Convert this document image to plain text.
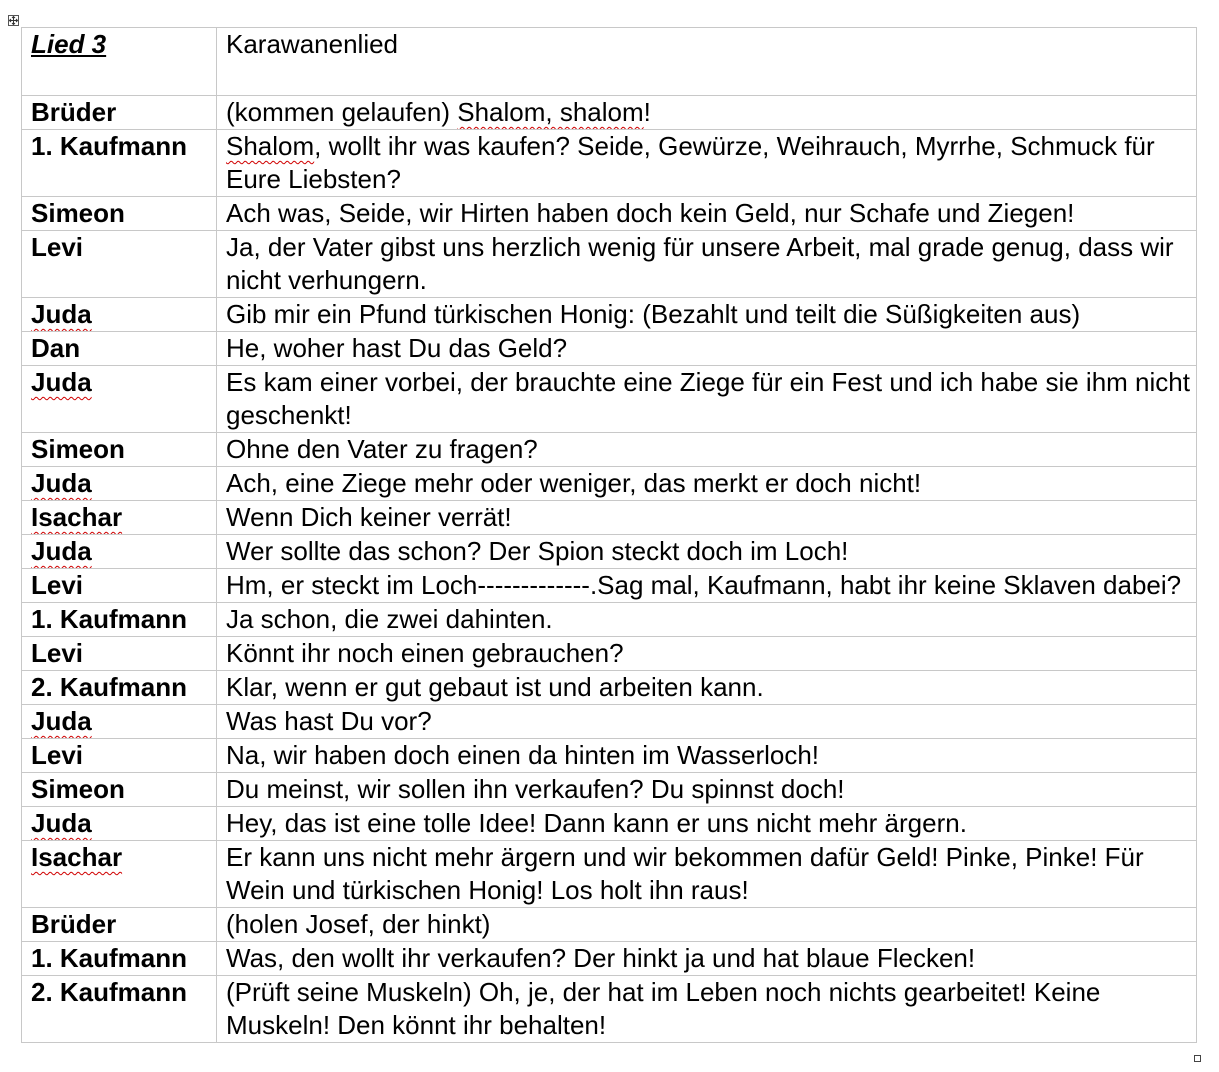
Lied 3	Karawanenlied
Brüder	(kommen gelaufen) Shalom, shalom!
1. Kaufmann	Shalom, wollt ihr was kaufen? Seide, Gewürze, Weihrauch, Myrrhe, Schmuck für Eure Liebsten?
Simeon	Ach was, Seide, wir Hirten haben doch kein Geld, nur Schafe und Ziegen!
Levi	Ja, der Vater gibst uns herzlich wenig für unsere Arbeit, mal grade genug, dass wir nicht verhungern.
Juda	Gib mir ein Pfund türkischen Honig: (Bezahlt und teilt die Süßigkeiten aus)
Dan	He, woher hast Du das Geld?
Juda	Es kam einer vorbei, der brauchte eine Ziege für ein Fest und ich habe sie ihm nicht geschenkt!
Simeon	Ohne den Vater zu fragen?
Juda	Ach, eine Ziege mehr oder weniger, das merkt er doch nicht!
Isachar	Wenn Dich keiner verrät!
Juda	Wer sollte das schon? Der Spion steckt doch im Loch!
Levi	Hm, er steckt im Loch-------------.Sag mal, Kaufmann, habt ihr keine Sklaven dabei?
1. Kaufmann	Ja schon, die zwei dahinten.
Levi	Könnt ihr noch einen gebrauchen?
2. Kaufmann	Klar, wenn er gut gebaut ist und arbeiten kann.
Juda	Was hast Du vor?
Levi	Na, wir haben doch einen da hinten im Wasserloch!
Simeon	Du meinst, wir sollen ihn verkaufen? Du spinnst doch!
Juda	Hey, das ist eine tolle Idee! Dann kann er uns nicht mehr ärgern.
Isachar	Er kann uns nicht mehr ärgern und wir bekommen dafür Geld! Pinke, Pinke! Für Wein und türkischen Honig! Los holt ihn raus!
Brüder	(holen Josef, der hinkt)
1. Kaufmann	Was, den wollt ihr verkaufen? Der hinkt ja und hat blaue Flecken!
2. Kaufmann	(Prüft seine Muskeln) Oh, je, der hat im Leben noch nichts gearbeitet! Keine Muskeln! Den könnt ihr behalten!
